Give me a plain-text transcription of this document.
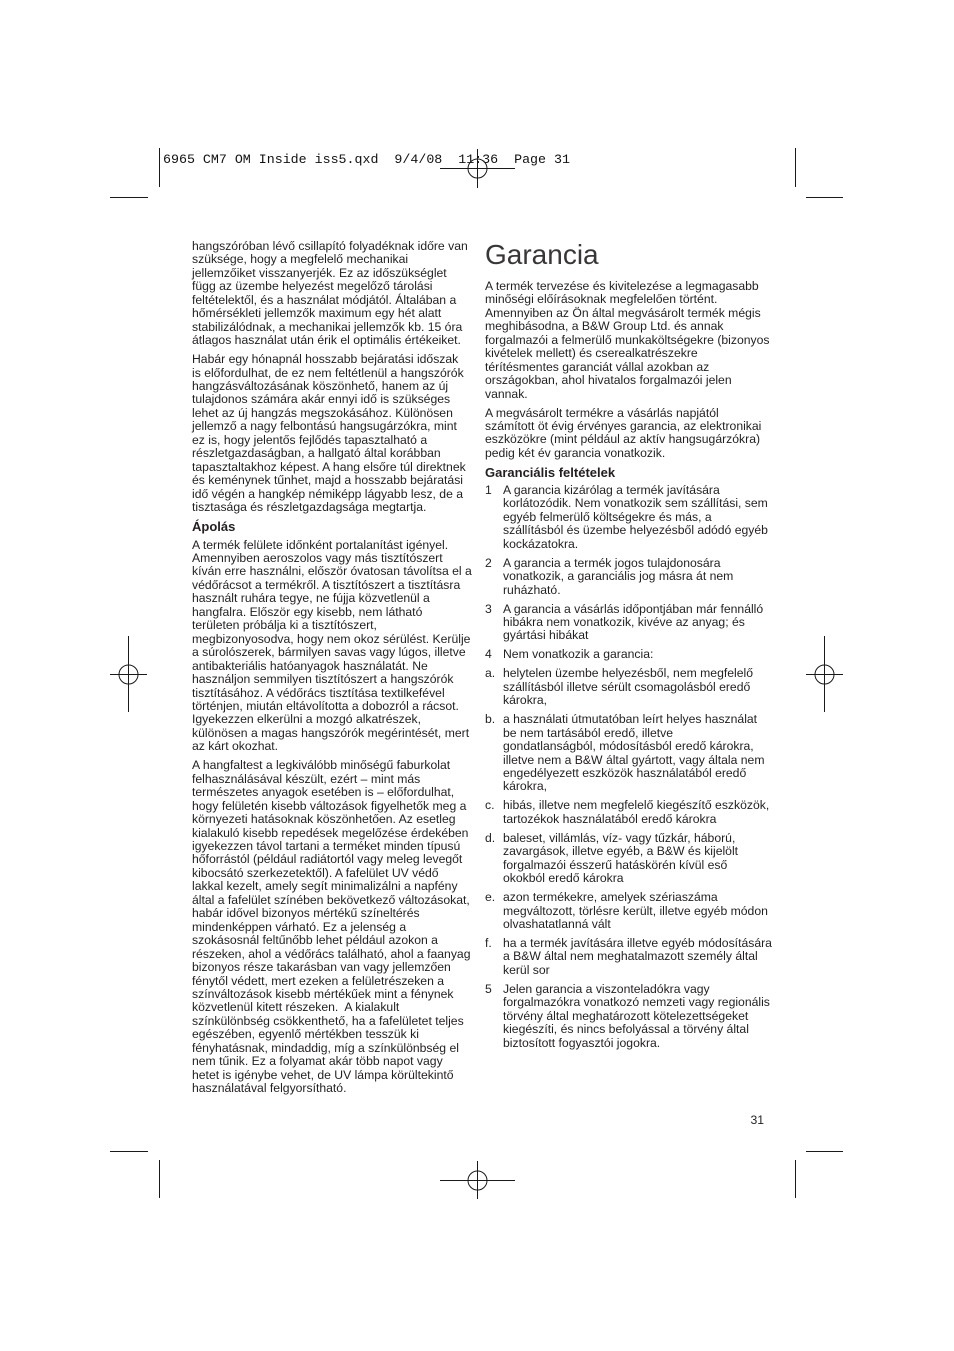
6965 CM7 OM Inside iss5.qxd  9/4/08  11:36  Page 31

hangszóróban lévő csillapító folyadéknak időre van
szüksége, hogy a megfelelő mechanikai
jellemzőiket visszanyerjék. Ez az időszükséglet
függ az üzembe helyezést megelőző tárolási
feltételektől, és a használat módjától. Általában a
hőmérsékleti jellemzők maximum egy hét alatt
stabilizálódnak, a mechanikai jellemzők kb. 15 óra
átlagos használat után érik el optimális értékeiket.

Habár egy hónapnál hosszabb bejáratási időszak
is előfordulhat, de ez nem feltétlenül a hangszórók
hangzásváltozásának köszönhető, hanem az új
tulajdonos számára akár ennyi idő is szükséges
lehet az új hangzás megszokásához. Különösen
jellemző a nagy felbontású hangsugárzókra, mint
ez is, hogy jelentős fejlődés tapasztalható a
részletgazdaságban, a hallgató által korábban
tapasztaltakhoz képest. A hang elsőre túl direktnek
és keménynek tűnhet, majd a hosszabb bejáratási
idő végén a hangkép némiképp lágyabb lesz, de a
tisztasága és részletgazdagsága megtartja.

Ápolás

A termék felülete időnként portalanítást igényel.
Amennyiben aeroszolos vagy más tisztítószert
kíván erre használni, először óvatosan távolítsa el a
védőrácsot a termékről. A tisztítószert a tisztításra
használt ruhára tegye, ne fújja közvetlenül a
hangfalra. Először egy kisebb, nem látható
területen próbálja ki a tisztítószert,
megbizonyosodva, hogy nem okoz sérülést. Kerülje
a súrolószerek, bármilyen savas vagy lúgos, illetve
antibakteriális hatóanyagok használatát. Ne
használjon semmilyen tisztítószert a hangszórók
tisztításához. A védőrács tisztítása textilkefével
történjen, miután eltávolította a dobozról a rácsot.
Igyekezzen elkerülni a mozgó alkatrészek,
különösen a magas hangszórók megérintését, mert
az kárt okozhat.

A hangfaltest a legkiválóbb minőségű faburkolat
felhasználásával készült, ezért – mint más
természetes anyagok esetében is – előfordulhat,
hogy felületén kisebb változások figyelhetők meg a
környezeti hatásoknak köszönhetően. Az esetleg
kialakuló kisebb repedések megelőzése érdekében
igyekezzen távol tartani a terméket minden típusú
hőforrástól (például radiátortól vagy meleg levegőt
kibocsátó szerkezetektől). A fafelület UV védő
lakkal kezelt, amely segít minimalizálni a napfény
által a fafelület színében bekövetkező változásokat,
habár idővel bizonyos mértékű színeltérés
mindenképpen várható. Ez a jelenség a
szokásosnál feltűnőbb lehet például azokon a
részeken, ahol a védőrács található, ahol a faanyag
bizonyos része takarásban van vagy jellemzően
fénytől védett, mert ezeken a felületrészeken a
színváltozások kisebb mértékűek mint a fénynek
közvetlenül kitett részeken.  A kialakult
színkülönbség csökkenthető, ha a fafelületet teljes
egészében, egyenlő mértékben tesszük ki
fényhatásnak, mindaddig, míg a színkülönbség el
nem tűnik. Ez a folyamat akár több napot vagy
hetet is igénybe vehet, de UV lámpa körültekintő
használatával felgyorsítható.

Garancia

A termék tervezése és kivitelezése a legmagasabb
minőségi előírásoknak megfelelően történt.
Amennyiben az Ön által megvásárolt termék mégis
meghibásodna, a B&W Group Ltd. és annak
forgalmazói a felmerülő munkaköltségekre (bizonyos
kivételek mellett) és cserealkatrészekre
térítésmentes garanciát vállal azokban az
országokban, ahol hivatalos forgalmazói jelen
vannak.

A megvásárolt termékre a vásárlás napjától
számított öt évig érvényes garancia, az elektronikai
eszközökre (mint például az aktív hangsugárzókra)
pedig két év garancia vonatkozik.

Garanciális feltételek
1 A garancia kizárólag a termék javítására
korlátozódik. Nem vonatkozik sem szállítási, sem
egyéb felmerülő költségekre és más, a
szállításból és üzembe helyezésből adódó egyéb
kockázatokra.
2 A garancia a termék jogos tulajdonosára
vonatkozik, a garanciális jog másra át nem
ruházható.
3 A garancia a vásárlás időpontjában már fennálló
hibákra nem vonatkozik, kivéve az anyag; és
gyártási hibákat
4 Nem vonatkozik a garancia:
a. helytelen üzembe helyezésből, nem megfelelő
szállításból illetve sérült csomagolásból eredő
károkra,
b. a használati útmutatóban leírt helyes használat
be nem tartásából eredő, illetve
gondatlanságból, módosításból eredő károkra,
illetve nem a B&W által gyártott, vagy általa nem
engedélyezett eszközök használatából eredő
károkra,
c. hibás, illetve nem megfelelő kiegészítő eszközök,
tartozékok használatából eredő károkra
d. baleset, villámlás, víz- vagy tűzkár, háború,
zavargások, illetve egyéb, a B&W és kijelölt
forgalmazói ésszerű hatáskörén kívül eső
okokból eredő károkra
e. azon termékekre, amelyek szériaszáma
megváltozott, törlésre került, illetve egyéb módon
olvashatatlanná vált
f. ha a termék javítására illetve egyéb módosítására
a B&W által nem meghatalmazott személy által
kerül sor
5 Jelen garancia a viszonteladókra vagy
forgalmazókra vonatkozó nemzeti vagy regionális
törvény által meghatározott kötelezettségeket
kiegészíti, és nincs befolyással a törvény által
biztosított fogyasztói jogokra.
31
